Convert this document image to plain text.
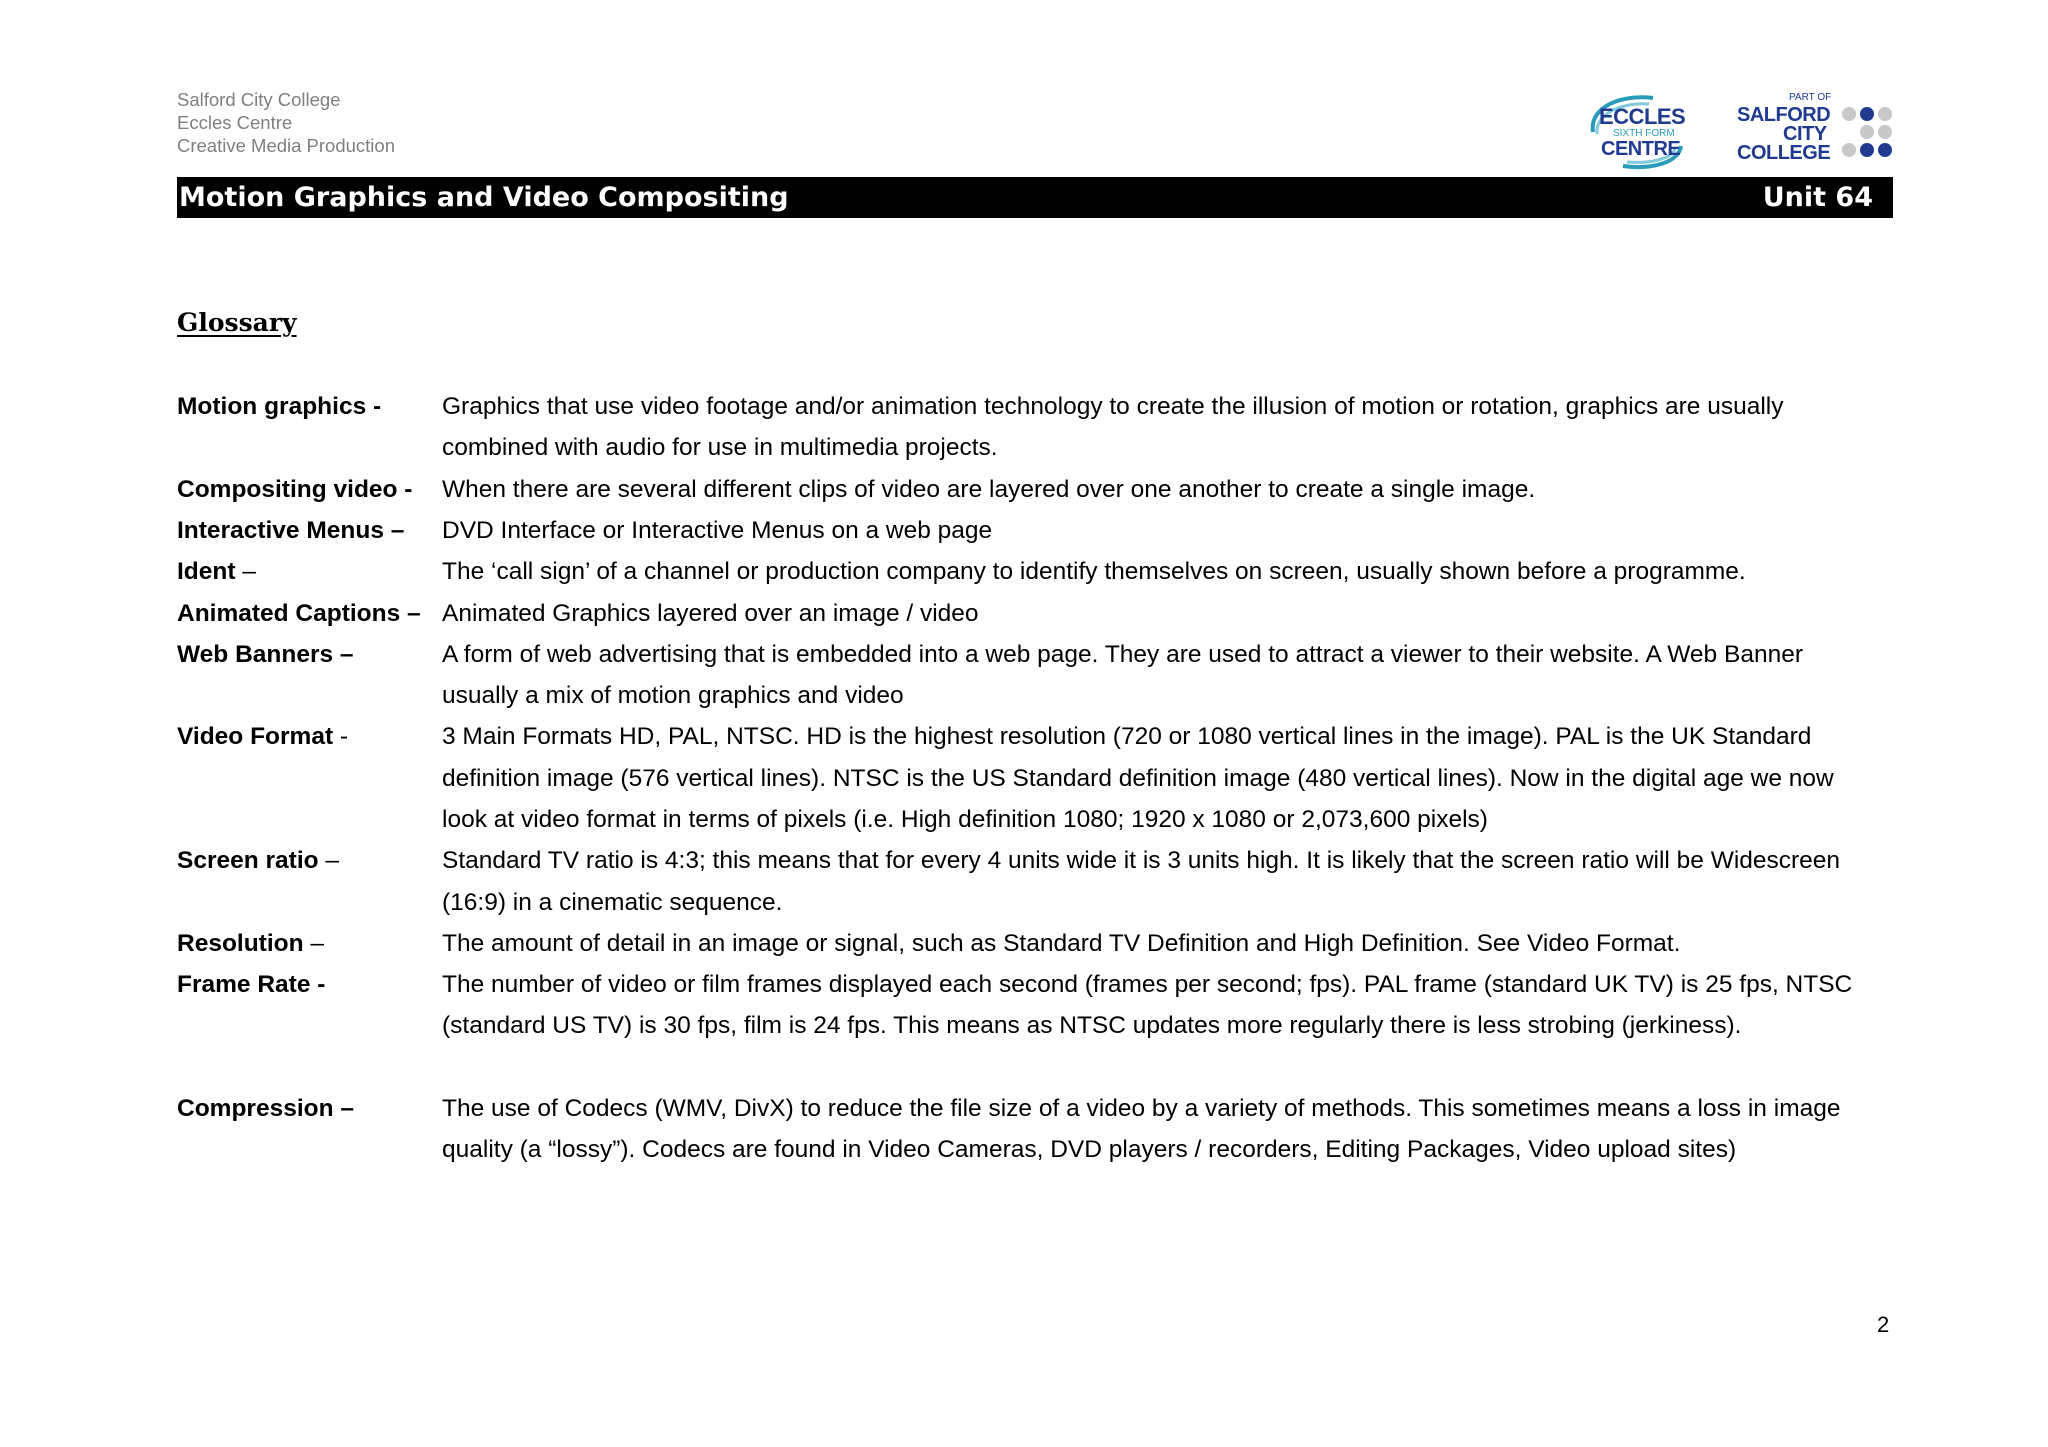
Salford City College
Eccles Centre
Creative Media Production
ECCLES
SIXTH FORM
CENTRE
PART OF
SALFORD
CITY
COLLEGE
Motion Graphics and Video Compositing	Unit 64
Glossary
Motion graphics -	Graphics that use video footage and/or animation technology to create the illusion of motion or rotation, graphics are usually combined with audio for use in multimedia projects.
Compositing video -	When there are several different clips of video are layered over one another to create a single image.
Interactive Menus –	DVD Interface or Interactive Menus on a web page
Ident –	The ‘call sign’ of a channel or production company to identify themselves on screen, usually shown before a programme.
Animated Captions – Animated Graphics layered over an image / video
Web Banners –	A form of web advertising that is embedded into a web page. They are used to attract a viewer to their website. A Web Banner usually a mix of motion graphics and video
Video Format -	3 Main Formats HD, PAL, NTSC. HD is the highest resolution (720 or 1080 vertical lines in the image). PAL is the UK Standard definition image (576 vertical lines). NTSC is the US Standard definition image (480 vertical lines). Now in the digital age we now look at video format in terms of pixels (i.e. High definition 1080; 1920 x 1080 or 2,073,600 pixels)
Screen ratio –	Standard TV ratio is 4:3; this means that for every 4 units wide it is 3 units high. It is likely that the screen ratio will be Widescreen (16:9) in a cinematic sequence.
Resolution –	The amount of detail in an image or signal, such as Standard TV Definition and High Definition. See Video Format.
Frame Rate -	The number of video or film frames displayed each second (frames per second; fps). PAL frame (standard UK TV) is 25 fps, NTSC (standard US TV) is 30 fps, film is 24 fps. This means as NTSC updates more regularly there is less strobing (jerkiness).
Compression –	The use of Codecs (WMV, DivX) to reduce the file size of a video by a variety of methods. This sometimes means a loss in image quality (a “lossy”). Codecs are found in Video Cameras, DVD players / recorders, Editing Packages, Video upload sites)
2
